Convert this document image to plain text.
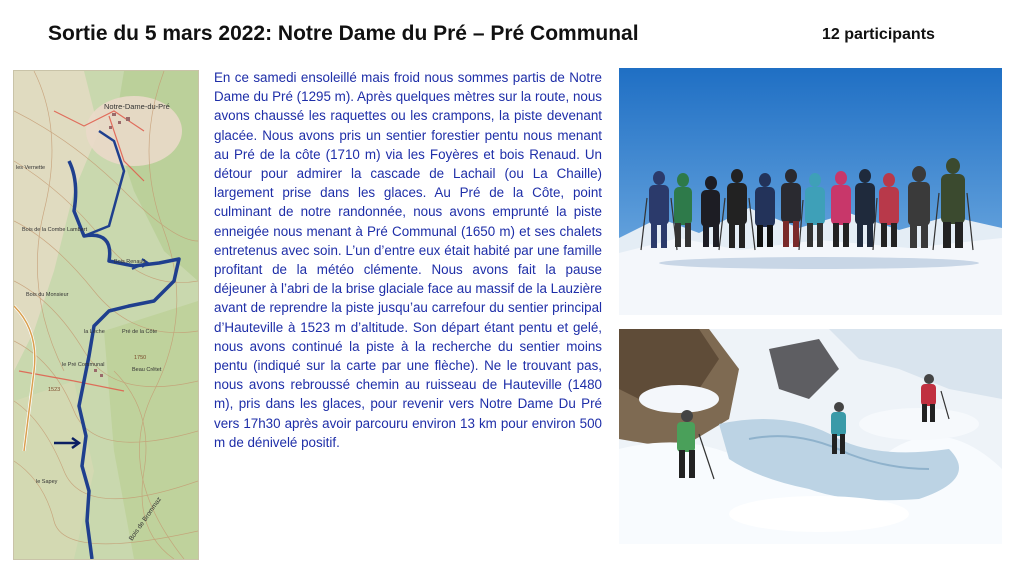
Sortie du 5 mars 2022: Notre Dame du Pré – Pré Communal	12 participants
Notre-Dame-du-Pré
les Vernette
Bois de la Combe Lambert
Bois Renaud
Bois du Monsieur
la Lèche	Pré de la Côte
le Pré Communal
Beau Crêtet
1750
1523
le Sapey
Bois de Brommaz
En ce samedi ensoleillé mais froid nous sommes partis de Notre Dame du Pré (1295 m). Après quelques mètres sur la route, nous avons chaussé les raquettes ou les crampons, la piste devenant glacée. Nous avons pris un sentier forestier pentu nous menant au Pré de la côte (1710 m) via les Foyères et bois Renaud. Un détour pour admirer la cascade de Lachail (ou La Chaille) largement prise dans les glaces. Au Pré de la Côte, point culminant de notre randonnée, nous avons emprunté la piste enneigée nous menant à Pré Communal (1650 m) et ses chalets entretenus avec soin. L’un d’entre eux était habité par une famille profitant de la météo clémente. Nous avons fait la pause déjeuner à l’abri de la brise glaciale face au massif de la Lauzière avant de reprendre la piste jusqu’au carrefour du sentier principal d’Hauteville à 1523 m d’altitude. Son départ étant pentu et gelé, nous avons continué la piste à la recherche du sentier moins pentu (indiqué sur la carte par une flèche). Ne le trouvant pas, nous avons rebroussé chemin au ruisseau de Hauteville (1480 m), pris dans les glaces, pour revenir vers Notre Dame Du Pré vers 17h30 après avoir parcouru environ 13 km pour environ 500 m de dénivelé positif.
